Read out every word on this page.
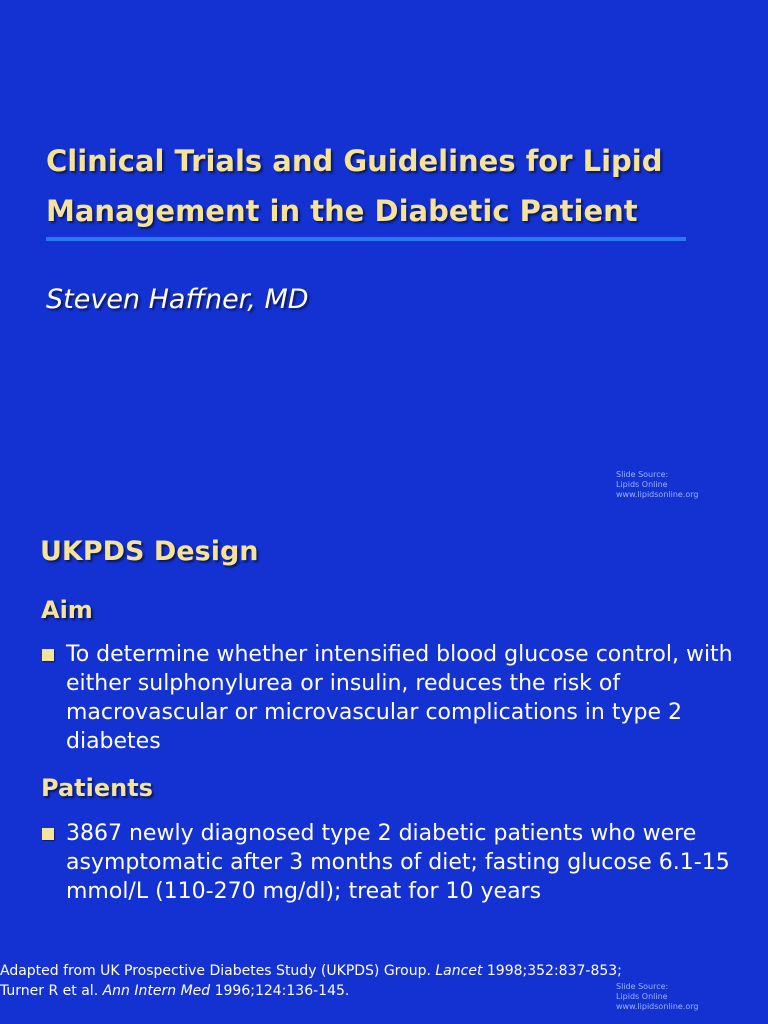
Clinical Trials and Guidelines for Lipid
Management in the Diabetic Patient
Steven Haffner, MD
Slide Source:
Lipids Online
www.lipidsonline.org
UKPDS Design
Aim
To determine whether intensified blood glucose control, with either sulphonylurea or insulin, reduces the risk of macrovascular or microvascular complications in type 2 diabetes
Patients
3867 newly diagnosed type 2 diabetic patients who were asymptomatic after 3 months of diet; fasting glucose 6.1-15 mmol/L (110-270 mg/dl); treat for 10 years
Adapted from UK Prospective Diabetes Study (UKPDS) Group. Lancet 1998;352:837-853;
Turner R et al. Ann Intern Med 1996;124:136-145.	Slide Source:
Lipids Online
www.lipidsonline.org
